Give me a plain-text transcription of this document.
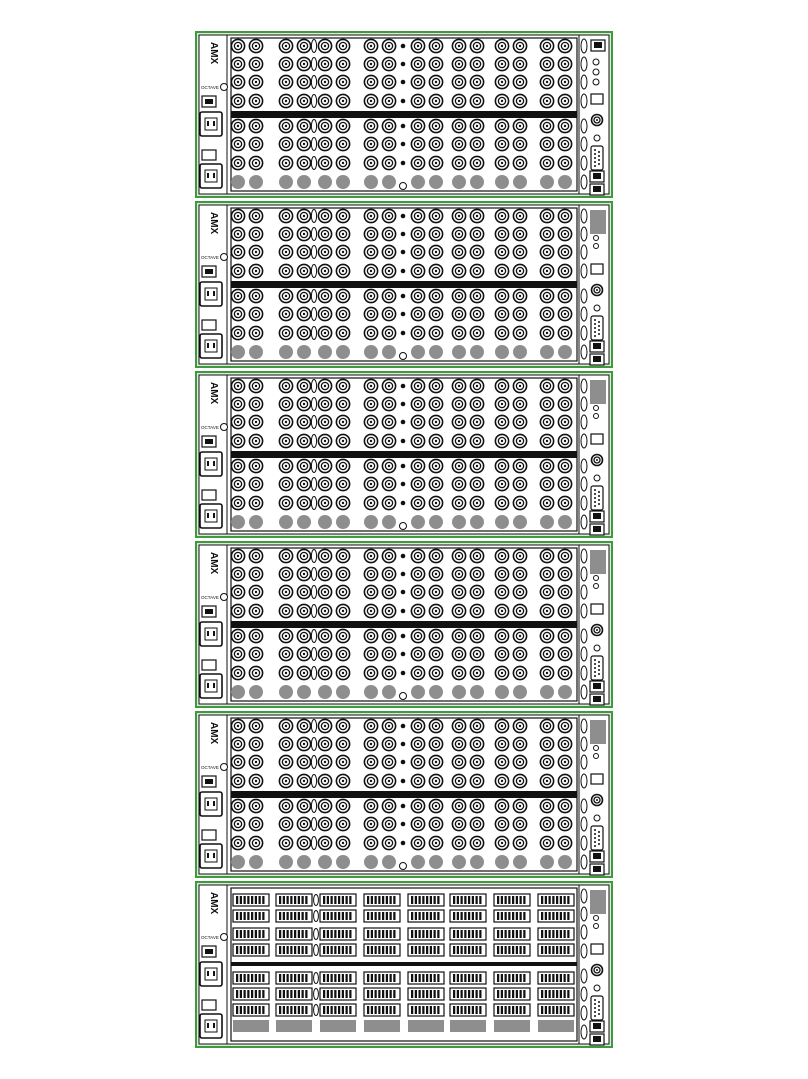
AMX
OCTAVE
AMX
OCTAVE
AMX
OCTAVE
AMX
OCTAVE
AMX
OCTAVE
AMX
OCTAVE
